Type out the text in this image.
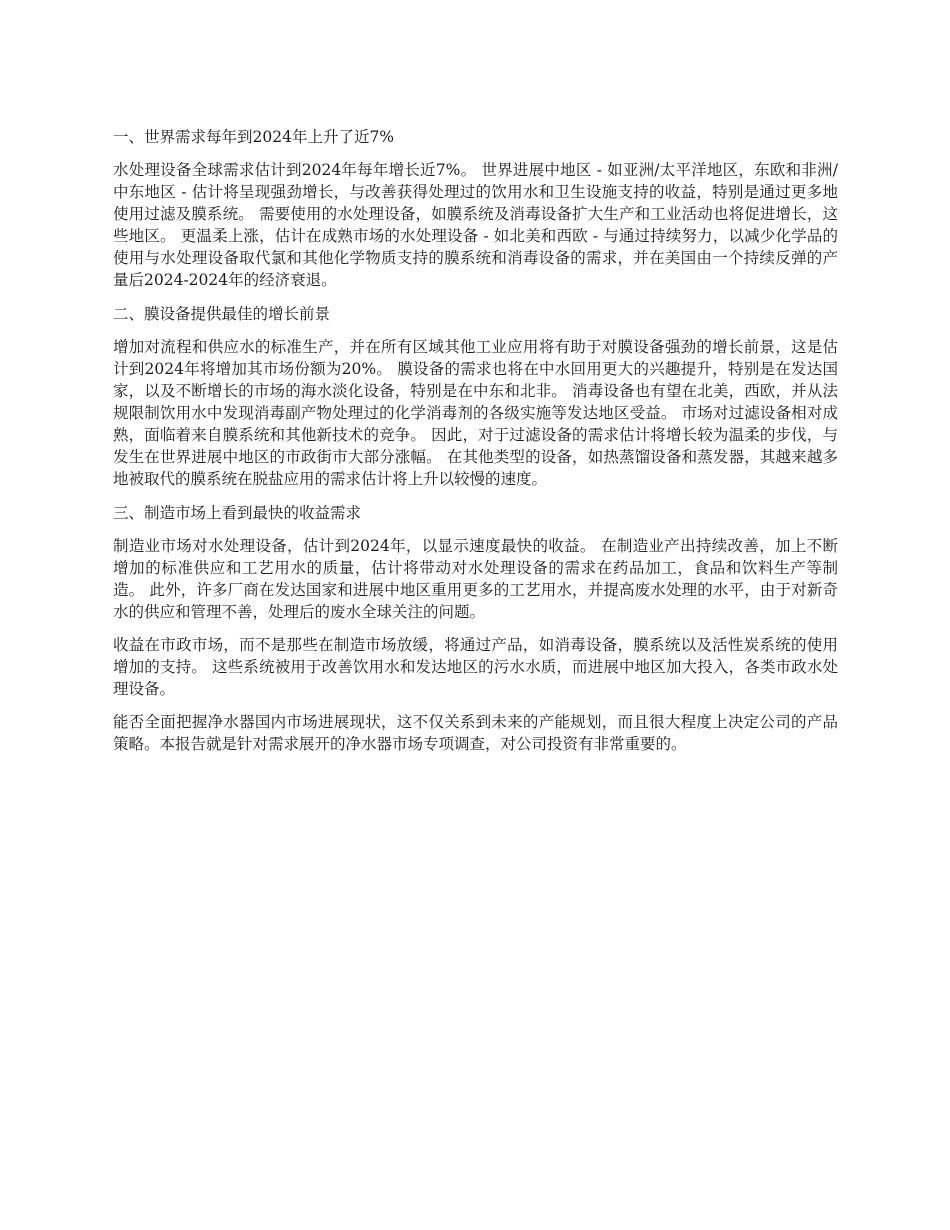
一、世界需求每年到2024年上升了近7%

水处理设备全球需求估计到2024年每年增长近7%。 世界进展中地区 - 如亚洲/太平洋地区，东欧和非洲/中东地区 - 估计将呈现强劲增长，与改善获得处理过的饮用水和卫生设施支持的收益，特别是通过更多地使用过滤及膜系统。 需要使用的水处理设备，如膜系统及消毒设备扩大生产和工业活动也将促进增长，这些地区。 更温柔上涨，估计在成熟市场的水处理设备 - 如北美和西欧 - 与通过持续努力，以减少化学品的使用与水处理设备取代氯和其他化学物质支持的膜系统和消毒设备的需求，并在美国由一个持续反弹的产量后2024-2024年的经济衰退。

二、膜设备提供最佳的增长前景

增加对流程和供应水的标准生产，并在所有区域其他工业应用将有助于对膜设备强劲的增长前景，这是估计到2024年将增加其市场份额为20%。 膜设备的需求也将在中水回用更大的兴趣提升，特别是在发达国家，以及不断增长的市场的海水淡化设备，特别是在中东和北非。 消毒设备也有望在北美，西欧，并从法规限制饮用水中发现消毒副产物处理过的化学消毒剂的各级实施等发达地区受益。 市场对过滤设备相对成熟，面临着来自膜系统和其他新技术的竞争。 因此，对于过滤设备的需求估计将增长较为温柔的步伐，与发生在世界进展中地区的市政街市大部分涨幅。 在其他类型的设备，如热蒸馏设备和蒸发器，其越来越多地被取代的膜系统在脱盐应用的需求估计将上升以较慢的速度。

三、制造市场上看到最快的收益需求

制造业市场对水处理设备，估计到2024年，以显示速度最快的收益。 在制造业产出持续改善，加上不断增加的标准供应和工艺用水的质量，估计将带动对水处理设备的需求在药品加工，食品和饮料生产等制造。 此外，许多厂商在发达国家和进展中地区重用更多的工艺用水，并提高废水处理的水平，由于对新奇水的供应和管理不善，处理后的废水全球关注的问题。

收益在市政市场，而不是那些在制造市场放缓，将通过产品，如消毒设备，膜系统以及活性炭系统的使用增加的支持。 这些系统被用于改善饮用水和发达地区的污水水质，而进展中地区加大投入，各类市政水处理设备。

能否全面把握净水器国内市场进展现状，这不仅关系到未来的产能规划，而且很大程度上决定公司的产品策略。本报告就是针对需求展开的净水器市场专项调查，对公司投资有非常重要的。
